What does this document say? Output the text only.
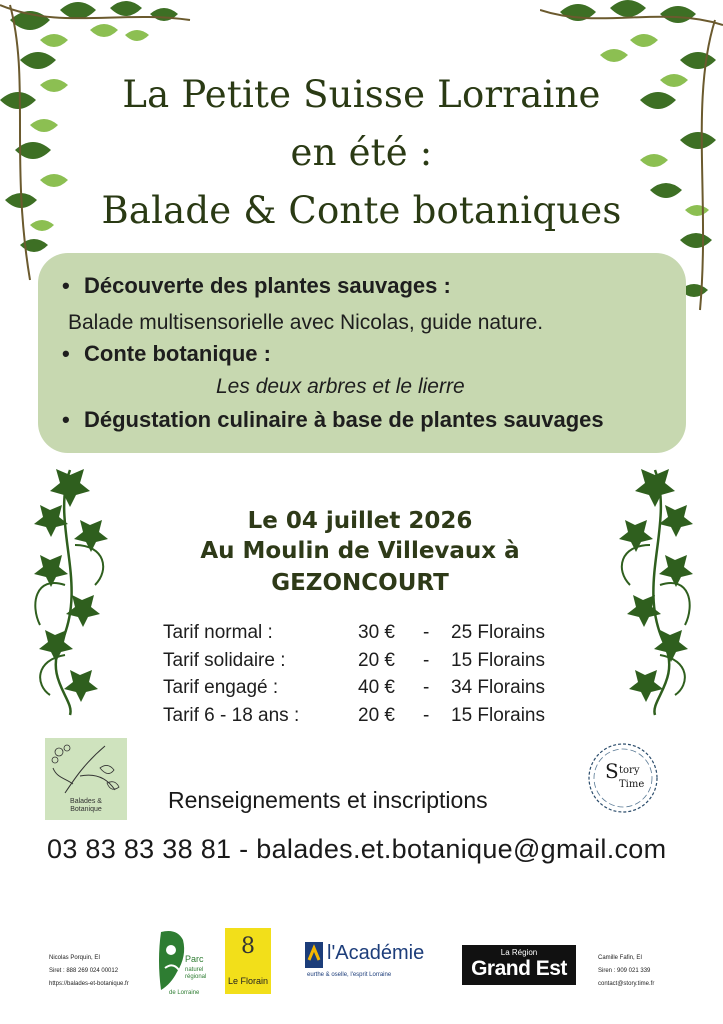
La Petite Suisse Lorraine
en été :
Balade & Conte botaniques
• Découverte des plantes sauvages :
Balade multisensorielle avec Nicolas, guide nature.
• Conte botanique :
Les deux arbres et le lierre
• Dégustation culinaire à base de plantes sauvages
Le 04 juillet 2026
Au Moulin de Villevaux à
GEZONCOURT
Tarif normal :	30 € - 25 Florains
Tarif solidaire :	20 € - 15 Florains
Tarif engagé :	40 € - 34 Florains
Tarif 6 - 18 ans :	20 € - 15 Florains
Balades &
Botanique
S tory
Time
Renseignements et inscriptions
03 83 83 38 81 - balades.et.botanique@gmail.com
Nicolas Porquin, EI
Siret : 888 269 024 00012
https://balades-et-botanique.fr
Parc
naturel
régional
de Lorraine
8
Le Florain
l'Académie
eurthe & oselle, l'esprit Lorraine
La Région
Grand Est	Camille Fafin, EI
Siren : 909 021 339
contact@story.time.fr
